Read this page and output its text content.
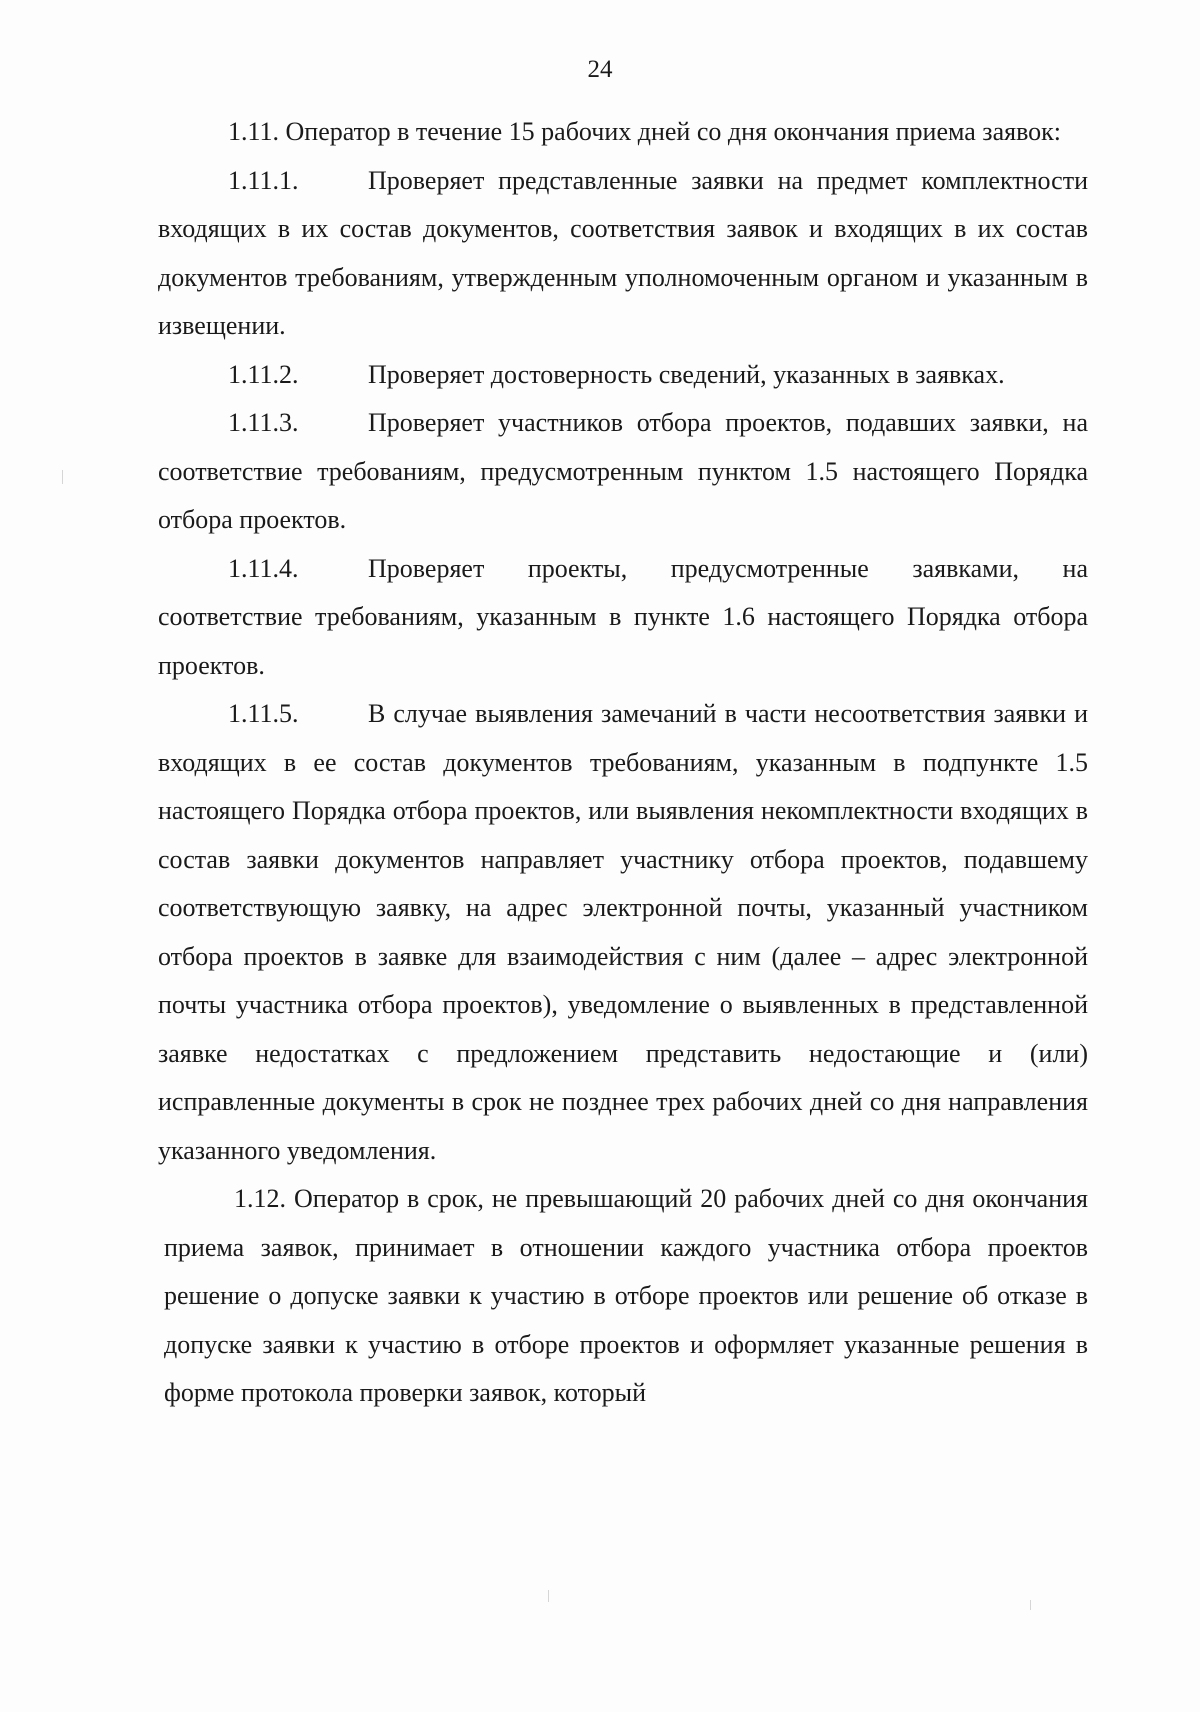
24

1.11. Оператор в течение 15 рабочих дней со дня окончания приема заявок:

1.11.1.	Проверяет представленные заявки на предмет комплектности входящих в их состав документов, соответствия заявок и входящих в их состав документов требованиям, утвержденным уполномоченным органом и указанным в извещении.

1.11.2.	Проверяет достоверность сведений, указанных в заявках.

1.11.3.	Проверяет участников отбора проектов, подавших заявки, на соответствие требованиям, предусмотренным пунктом 1.5 настоящего Порядка отбора проектов.

1.11.4.	Проверяет проекты, предусмотренные заявками, на соответствие требованиям, указанным в пункте 1.6 настоящего Порядка отбора проектов.

1.11.5.	В случае выявления замечаний в части несоответствия заявки и входящих в ее состав документов требованиям, указанным в подпункте 1.5 настоящего Порядка отбора проектов, или выявления некомплектности входящих в состав заявки документов направляет участнику отбора проектов, подавшему соответствующую заявку, на адрес электронной почты, указанный участником отбора проектов в заявке для взаимодействия с ним (далее – адрес электронной почты участника отбора проектов), уведомление о выявленных в представленной заявке недостатках с предложением представить недостающие и (или) исправленные документы в срок не позднее трех рабочих дней со дня направления указанного уведомления.

1.12. Оператор в срок, не превышающий 20 рабочих дней со дня окончания приема заявок, принимает в отношении каждого участника отбора проектов решение о допуске заявки к участию в отборе проектов или решение об отказе в допуске заявки к участию в отборе проектов и оформляет указанные решения в форме протокола проверки заявок, который
